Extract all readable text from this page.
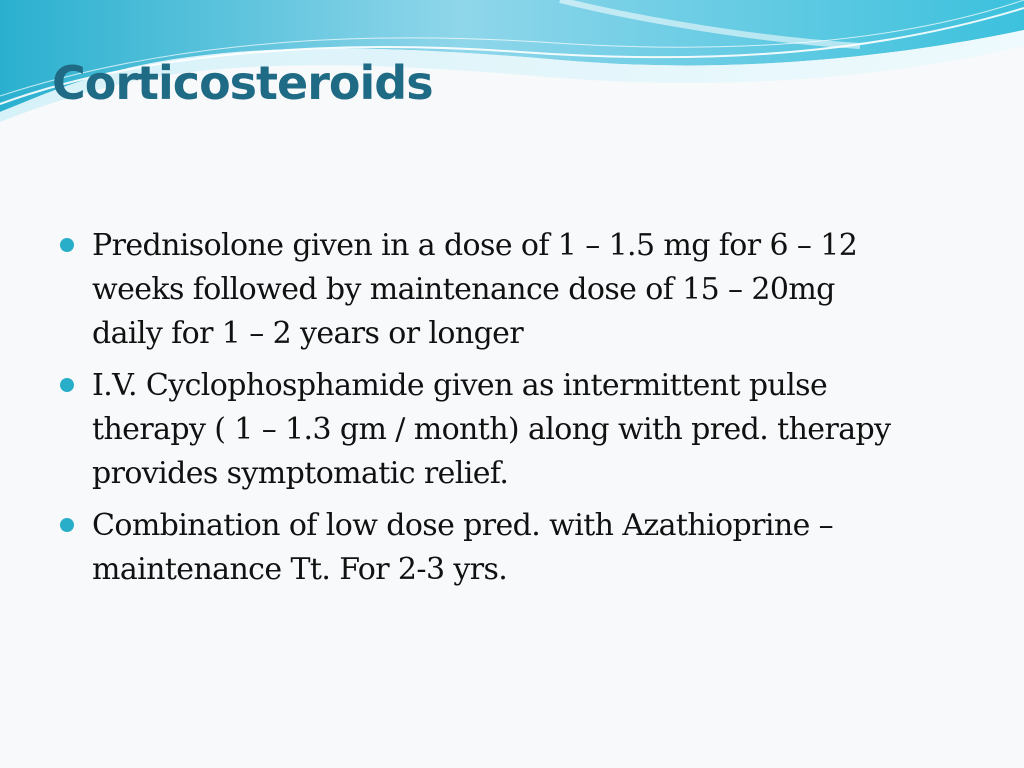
Corticosteroids
Prednisolone given in a dose of 1 – 1.5 mg for 6 – 12
weeks followed by maintenance dose of 15 – 20mg
daily for 1 – 2 years or longer
I.V. Cyclophosphamide given as intermittent pulse
therapy ( 1 – 1.3 gm / month) along with pred. therapy
provides symptomatic relief.
Combination of low dose pred. with Azathioprine –
maintenance Tt. For 2-3 yrs.
